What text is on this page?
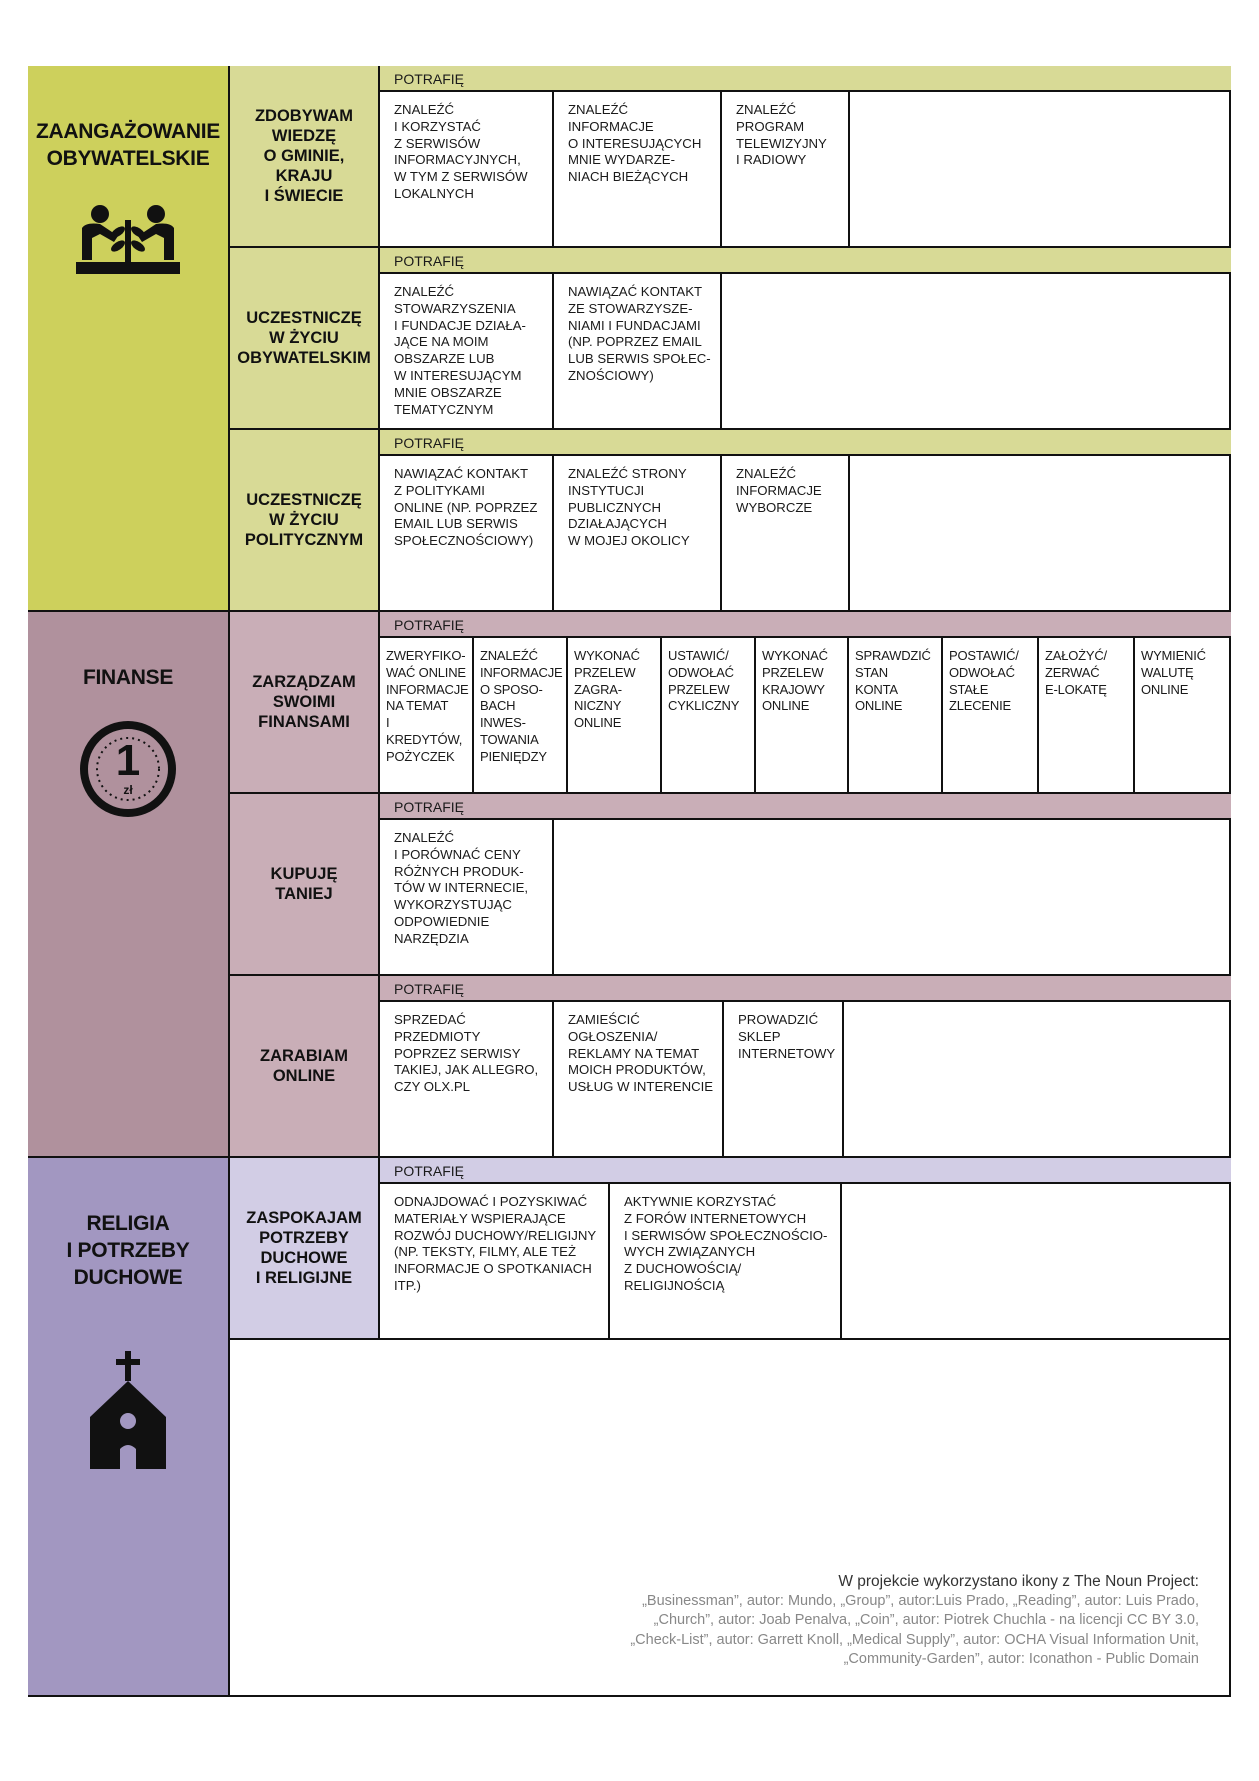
ZAANGAŻOWANIE
OBYWATELSKIE
FINANSE
1
zł
RELIGIA
I POTRZEBY
DUCHOWE
ZDOBYWAM
WIEDZĘ
O GMINIE,
KRAJU
I ŚWIECIE
POTRAFIĘ
ZNALEŹĆ
I KORZYSTAĆ
Z SERWISÓW
INFORMACYJNYCH,
W TYM Z SERWISÓW
LOKALNYCH
ZNALEŹĆ
INFORMACJE
O INTERESUJĄCYCH
MNIE WYDARZE-
NIACH BIEŻĄCYCH
ZNALEŹĆ
PROGRAM
TELEWIZYJNY
I RADIOWY
UCZESTNICZĘ
W ŻYCIU
OBYWATELSKIM
POTRAFIĘ
ZNALEŹĆ
STOWARZYSZENIA
I FUNDACJE DZIAŁA-
JĄCE NA MOIM
OBSZARZE LUB
W INTERESUJĄCYM
MNIE OBSZARZE
TEMATYCZNYM
NAWIĄZAĆ KONTAKT
ZE STOWARZYSZE-
NIAMI I FUNDACJAMI
(NP. POPRZEZ EMAIL
LUB SERWIS SPOŁEC-
ZNOŚCIOWY)
UCZESTNICZĘ
W ŻYCIU
POLITYCZNYM
POTRAFIĘ
NAWIĄZAĆ KONTAKT
Z POLITYKAMI
ONLINE (NP. POPRZEZ
EMAIL LUB SERWIS
SPOŁECZNOŚCIOWY)
ZNALEŹĆ STRONY
INSTYTUCJI
PUBLICZNYCH
DZIAŁAJĄCYCH
W MOJEJ OKOLICY
ZNALEŹĆ
INFORMACJE
WYBORCZE
ZARZĄDZAM
SWOIMI
FINANSAMI
POTRAFIĘ
ZWERYFIKO-
WAĆ ONLINE
INFORMACJE
NA TEMAT
I KREDYTÓW,
POŻYCZEK
ZNALEŹĆ
INFORMACJE
O SPOSO-
BACH INWES-
TOWANIA
PIENIĘDZY
WYKONAĆ
PRZELEW
ZAGRA-
NICZNY
ONLINE
USTAWIĆ/
ODWOŁAĆ
PRZELEW
CYKLICZNY
WYKONAĆ
PRZELEW
KRAJOWY
ONLINE
SPRAWDZIĆ
STAN
KONTA
ONLINE
POSTAWIĆ/
ODWOŁAĆ
STAŁE
ZLECENIE
ZAŁOŻYĆ/
ZERWAĆ
E-LOKATĘ
WYMIENIĆ
WALUTĘ
ONLINE
KUPUJĘ
TANIEJ
POTRAFIĘ
ZNALEŹĆ
I PORÓWNAĆ CENY
RÓŻNYCH PRODUK-
TÓW W INTERNECIE,
WYKORZYSTUJĄC
ODPOWIEDNIE
NARZĘDZIA
ZARABIAM
ONLINE
POTRAFIĘ
SPRZEDAĆ
PRZEDMIOTY
POPRZEZ SERWISY
TAKIEJ, JAK ALLEGRO,
CZY OLX.PL
ZAMIEŚCIĆ
OGŁOSZENIA/
REKLAMY NA TEMAT
MOICH PRODUKTÓW,
USŁUG W INTERENCIE
PROWADZIĆ
SKLEP
INTERNETOWY
ZASPOKAJAM
POTRZEBY
DUCHOWE
I RELIGIJNE
POTRAFIĘ
ODNAJDOWAĆ I POZYSKIWAĆ
MATERIAŁY WSPIERAJĄCE
ROZWÓJ DUCHOWY/RELIGIJNY
(NP. TEKSTY, FILMY, ALE TEŻ
INFORMACJE O SPOTKANIACH
ITP.)
AKTYWNIE KORZYSTAĆ
Z FORÓW INTERNETOWYCH
I SERWISÓW SPOŁECZNOŚCIO-
WYCH ZWIĄZANYCH
Z DUCHOWOŚCIĄ/
RELIGIJNOŚCIĄ
W projekcie wykorzystano ikony z The Noun Project:
„Businessman”, autor: Mundo, „Group”, autor:Luis Prado, „Reading”, autor: Luis Prado,
„Church”, autor: Joab Penalva, „Coin”, autor: Piotrek Chuchla - na licencji CC BY 3.0,
„Check-List”, autor: Garrett Knoll, „Medical Supply”, autor: OCHA Visual Information Unit,
„Community-Garden”, autor: Iconathon - Public Domain
